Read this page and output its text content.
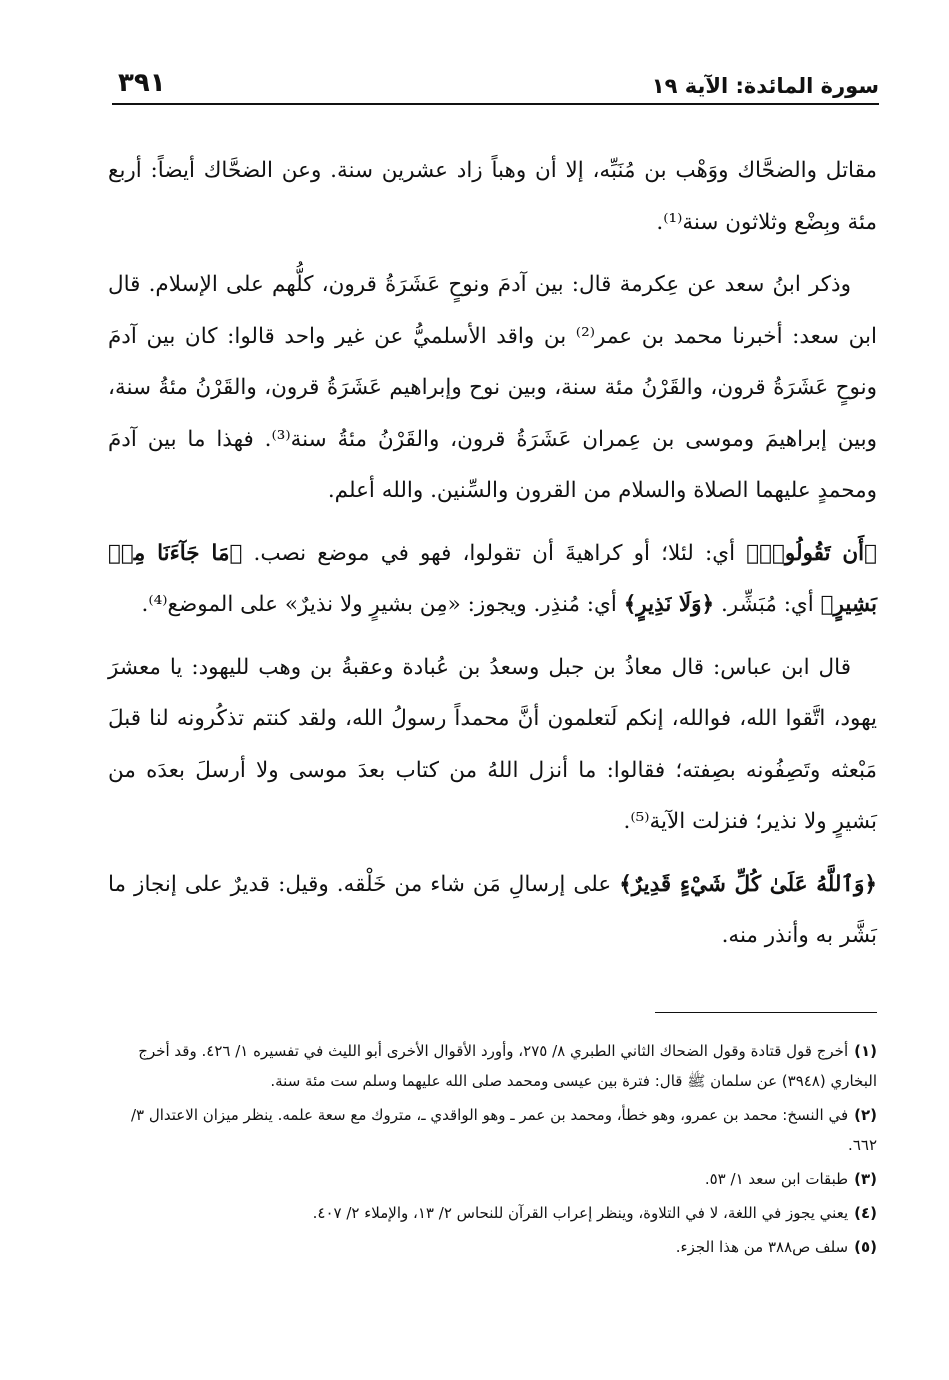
سورة المائدة: الآية ١٩
٣٩١

مقاتل والضحَّاك ووَهْب بن مُنَبِّه، إلا أن وهباً زاد عشرين سنة. وعن الضحَّاك أيضاً: أربع مئة وبِضْع وثلاثون سنة⁽¹⁾.

وذكر ابنُ سعد عن عِكرمة قال: بين آدمَ ونوحٍ عَشَرَةُ قرون، كلُّهم على الإسلام. قال ابن سعد: أخبرنا محمد بن عمر⁽²⁾ بن واقد الأسلميُّ عن غير واحد قالوا: كان بين آدمَ ونوحٍ عَشَرَةُ قرون، والقَرْنُ مئة سنة، وبين نوح وإبراهيم عَشَرَةُ قرون، والقَرْنُ مئةُ سنة، وبين إبراهيمَ وموسى بن عِمران عَشَرَةُ قرون، والقَرْنُ مئةُ سنة⁽³⁾. فهذا ما بين آدمَ ومحمدٍ عليهما الصلاة والسلام من القرون والسِّنين. والله أعلم.

﴿أَن تَقُولُوا۟﴾ أي: لئلا؛ أو كراهيةَ أن تقولوا، فهو في موضع نصب. ﴿مَا جَآءَنَا مِنۢ بَشِيرٍ﴾ أي: مُبَشِّر. ﴿وَلَا نَذِيرٍ﴾ أي: مُنذِر. ويجوز: «مِن بشيرٍ ولا نذيرٌ» على الموضع⁽⁴⁾.

قال ابن عباس: قال معاذُ بن جبل وسعدُ بن عُبادة وعقبةُ بن وهب لليهود: يا معشرَ يهود، اتَّقوا الله، فوالله، إنكم لَتعلمون أنَّ محمداً رسولُ الله، ولقد كنتم تذكُرونه لنا قبلَ مَبْعثه وتَصِفُونه بصِفته؛ فقالوا: ما أنزل اللهُ من كتاب بعدَ موسى ولا أرسلَ بعدَه من بَشيرٍ ولا نذير؛ فنزلت الآية⁽⁵⁾.

﴿وَٱللَّهُ عَلَىٰ كُلِّ شَيْءٍ قَدِيرٌ﴾ على إرسالِ مَن شاء من خَلْقه. وقيل: قديرٌ على إنجاز ما بَشَّر به وأنذر منه.

(١)أخرج قول قتادة وقول الضحاك الثاني الطبري ٨/ ٢٧٥، وأورد الأقوال الأخرى أبو الليث في تفسيره ١/ ٤٢٦. وقد أخرج البخاري (٣٩٤٨) عن سلمان ﷺ قال: فترة بين عيسى ومحمد صلى الله عليهما وسلم ست مئة سنة.

(٢)في النسخ: محمد بن عمرو، وهو خطأ، ومحمد بن عمر ـ وهو الواقدي ـ، متروك مع سعة علمه. ينظر ميزان الاعتدال ٣/ ٦٦٢.

(٣)طبقات ابن سعد ١/ ٥٣.

(٤)يعني يجوز في اللغة، لا في التلاوة، وينظر إعراب القرآن للنحاس ٢/ ١٣، والإملاء ٢/ ٤٠٧.

(٥)سلف ص٣٨٨ من هذا الجزء.
